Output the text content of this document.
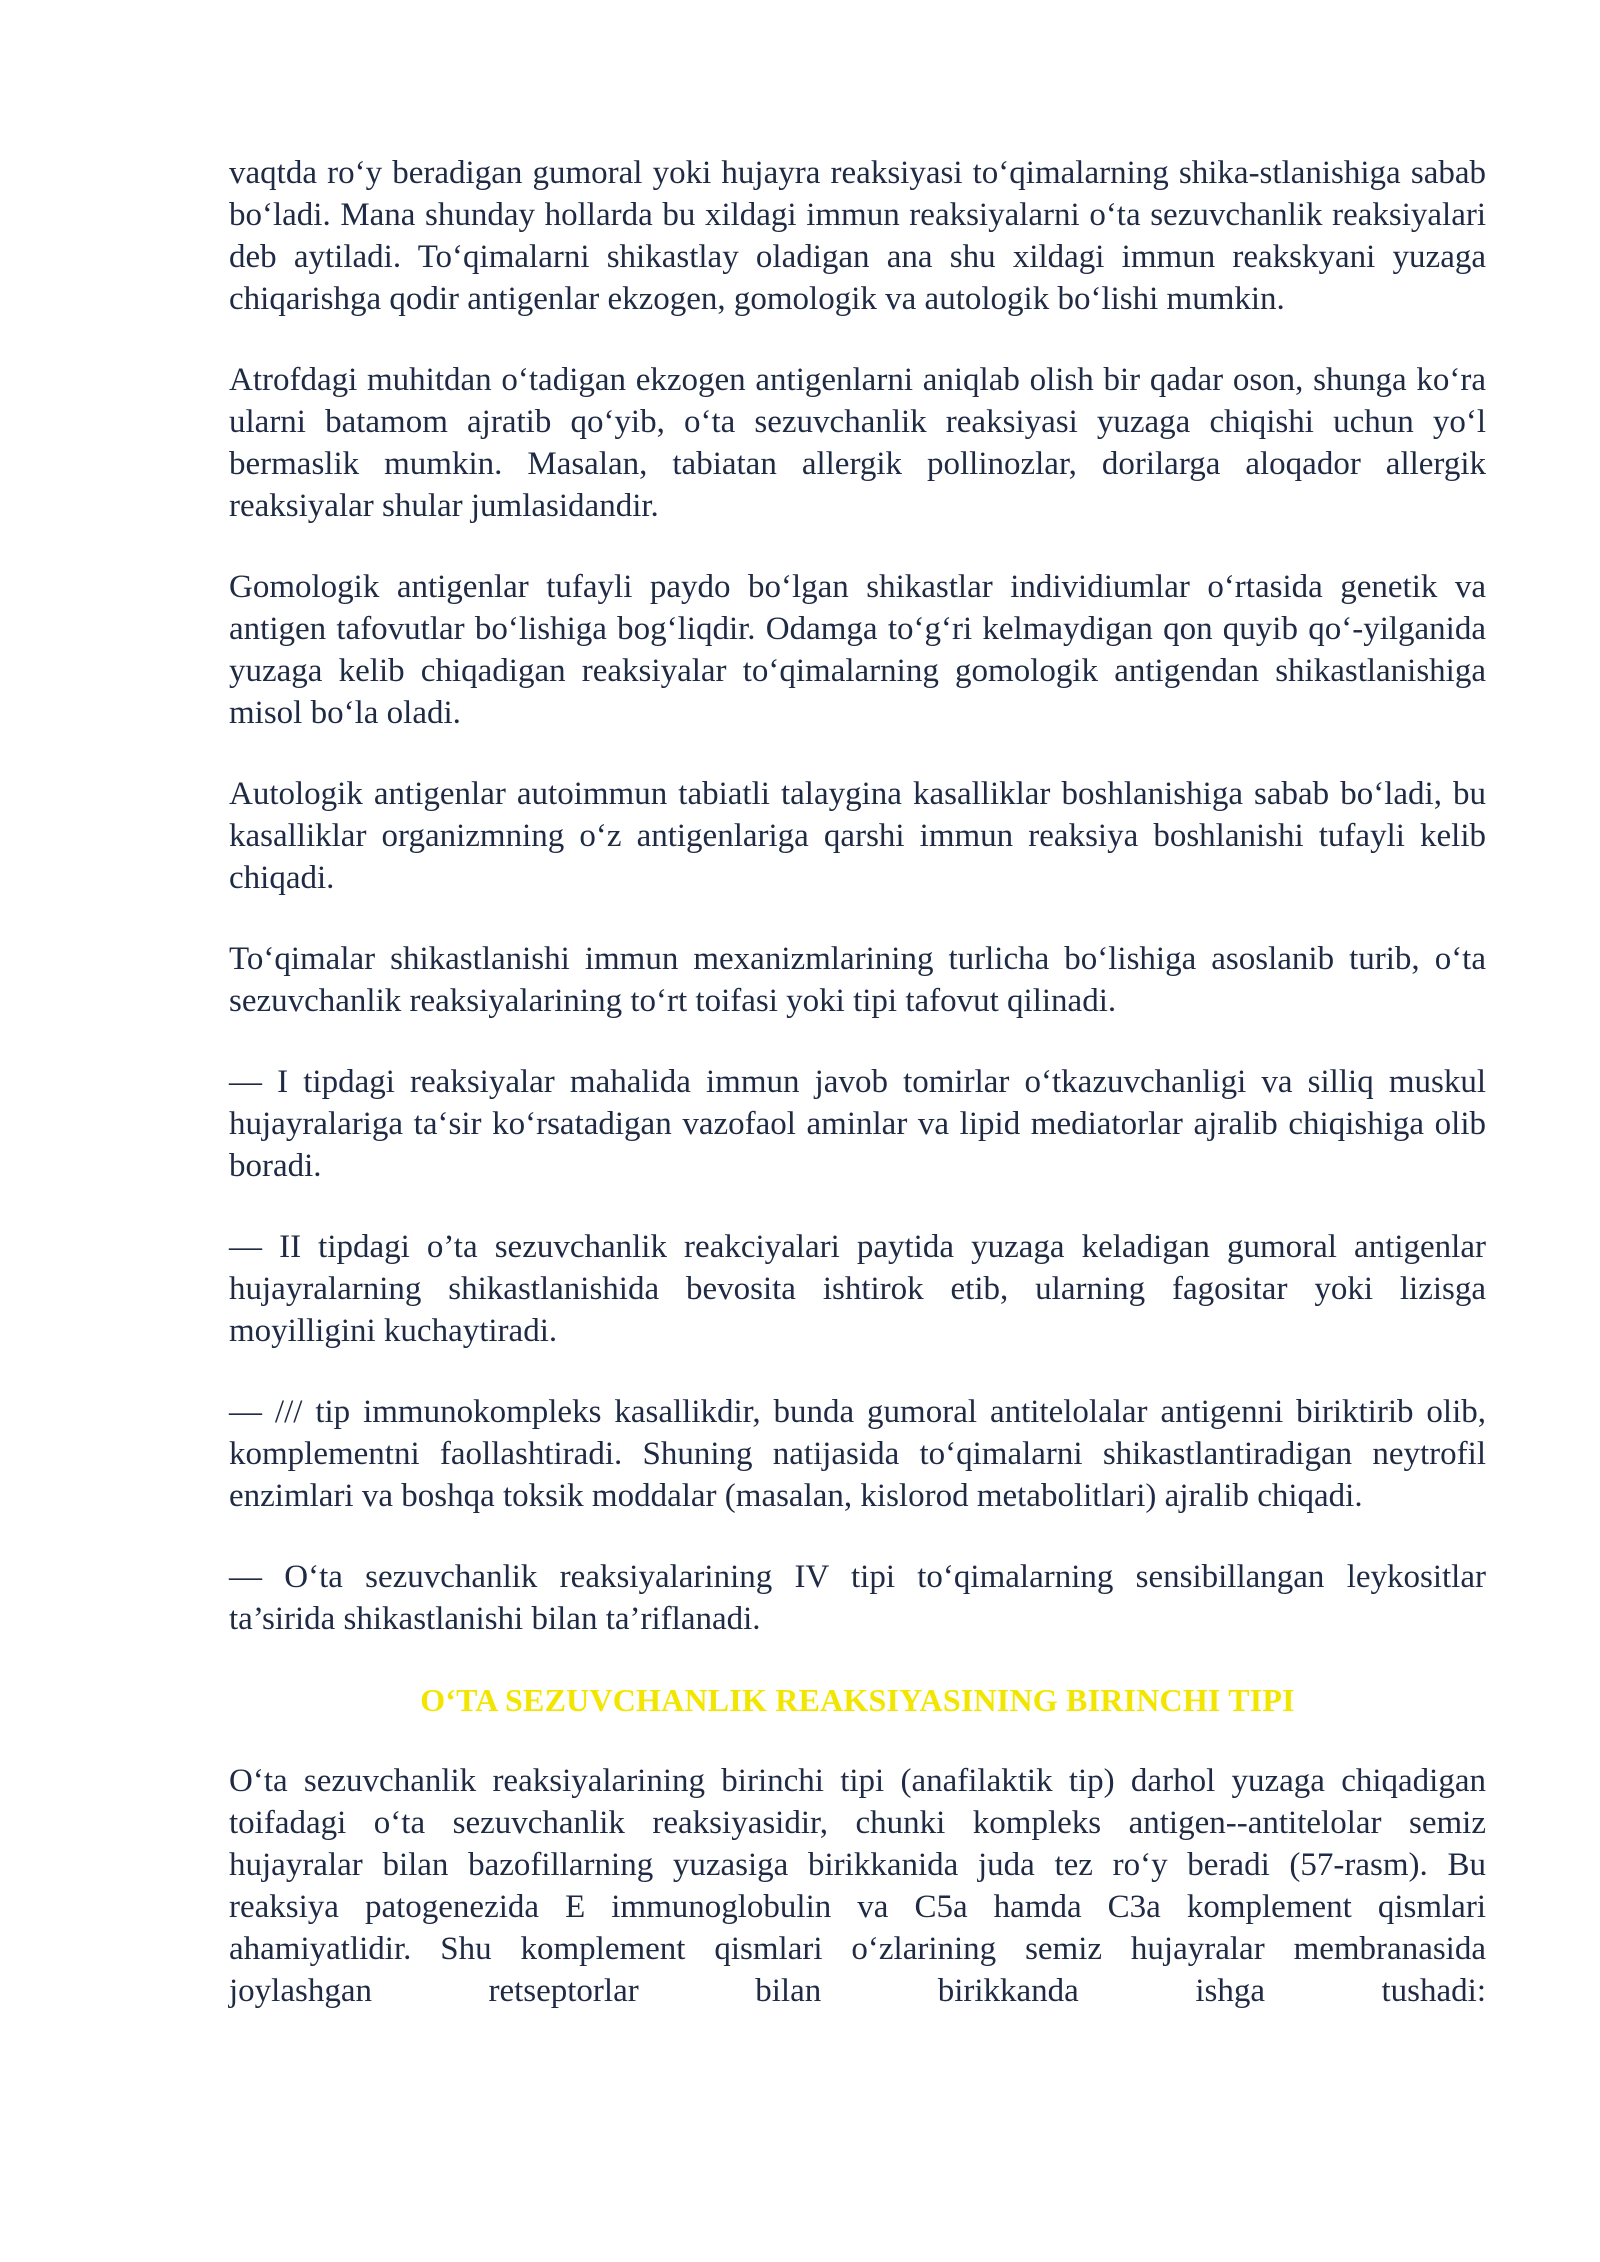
vaqtda roʻy beradigan gumoral yoki hujayra reaksiyasi toʻqimalarning shika-stlanishiga sabab boʻladi. Mana shunday hollarda bu xildagi immun reaksiyalarni oʻta sezuvchanlik reaksiyalari deb aytiladi. Toʻqimalarni shikastlay oladigan ana shu xildagi immun reakskyani yuzaga chiqarishga qodir antigenlar ekzogen, gomologik va autologik boʻlishi mumkin.

Atrofdagi muhitdan oʻtadigan ekzogen antigenlarni aniqlab olish bir qadar oson, shunga koʻra ularni batamom ajratib qoʻyib, oʻta sezuvchanlik reaksiyasi yuzaga chiqishi uchun yoʻl bermaslik mumkin. Masalan, tabiatan allergik pollinozlar, dorilarga aloqador allergik reaksiyalar shular jumlasidandir.

Gomologik antigenlar tufayli paydo boʻlgan shikastlar individiumlar oʻrtasida genetik va antigen tafovutlar boʻlishiga bogʻliqdir. Odamga toʻgʻri kelmaydigan qon quyib qoʻ-yilganida yuzaga kelib chiqadigan reaksiyalar toʻqimalarning gomologik antigendan shikastlanishiga misol boʻla oladi.

Autologik antigenlar autoimmun tabiatli talaygina kasalliklar boshlanishiga sabab boʻladi, bu kasalliklar organizmning oʻz antigenlariga qarshi immun reaksiya boshlanishi tufayli kelib chiqadi.

Toʻqimalar shikastlanishi immun mexanizmlarining turlicha boʻlishiga asoslanib turib, oʻta sezuvchanlik reaksiyalarining toʻrt toifasi yoki tipi tafovut qilinadi.

— I tipdagi reaksiyalar mahalida immun javob tomirlar oʻtkazuvchanligi va silliq muskul hujayralariga taʻsir koʻrsatadigan vazofaol aminlar va lipid mediatorlar ajralib chiqishiga olib boradi.

— II tipdagi o’ta sezuvchanlik reakciyalari paytida yuzaga keladigan gumoral antigenlar hujayralarning shikastlanishida bevosita ishtirok etib, ularning fagositar yoki lizisga moyilligini kuchaytiradi.

— /// tip immunokompleks kasallikdir, bunda gumoral antitelolalar antigenni biriktirib olib, komplementni faollashtiradi. Shuning natijasida toʻqimalarni shikastlantiradigan neytrofil enzimlari va boshqa toksik moddalar (masalan, kislorod metabolitlari) ajralib chiqadi.

— Oʻta sezuvchanlik reaksiyalarining IV tipi toʻqimalarning sensibillangan leykositlar ta’sirida shikastlanishi bilan ta’riflanadi.

OʻTA SEZUVCHANLIK REAKSIYASINING BIRINCHI TIPI

Oʻta sezuvchanlik reaksiyalarining birinchi tipi (anafilaktik tip) darhol yuzaga chiqadigan toifadagi oʻta sezuvchanlik reaksiyasidir, chunki kompleks antigen--antitelolar semiz hujayralar bilan bazofillarning yuzasiga birikkanida juda tez roʻy beradi (57-rasm). Bu reaksiya patogenezida E immunoglobulin va C5a hamda C3a komplement qismlari ahamiyatlidir. Shu komplement qismlari oʻzlarining semiz hujayralar membranasida joylashgan retseptorlar bilan birikkanda ishga tushadi:
